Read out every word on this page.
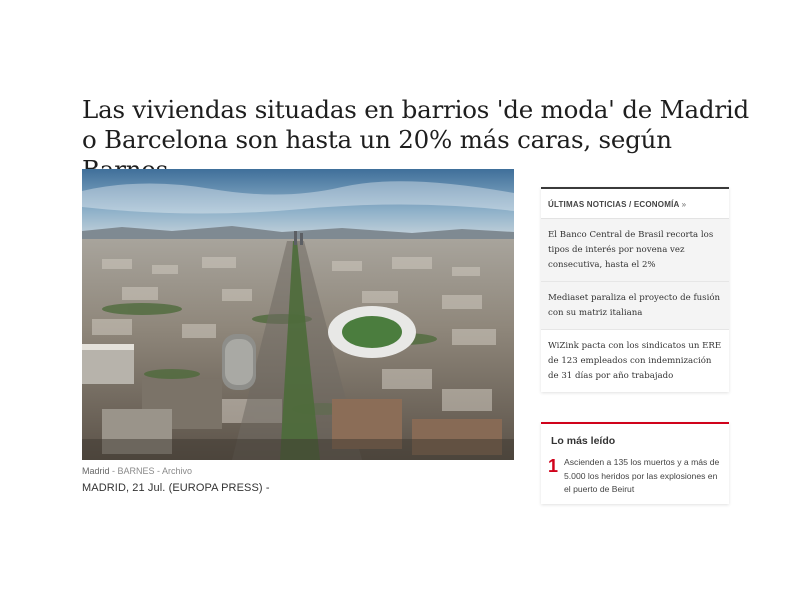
Las viviendas situadas en barrios 'de moda' de Madrid o Barcelona son hasta un 20% más caras, según
Madrid - BARNES - Archivo
MADRID, 21 Jul. (EUROPA PRESS) -
ÚLTIMAS NOTICIAS / ECONOMÍA »
El Banco Central de Brasil recorta los tipos de interés por novena vez consecutiva, hasta el 2%
Mediaset paraliza el proyecto de fusión con su matriz italiana
WiZink pacta con los sindicatos un ERE de 123 empleados con indemnización de 31 días por año trabajado
Lo más leído
1 Ascienden a 135 los muertos y a más de 5.000 los heridos por las explosiones en el puerto de Beirut
